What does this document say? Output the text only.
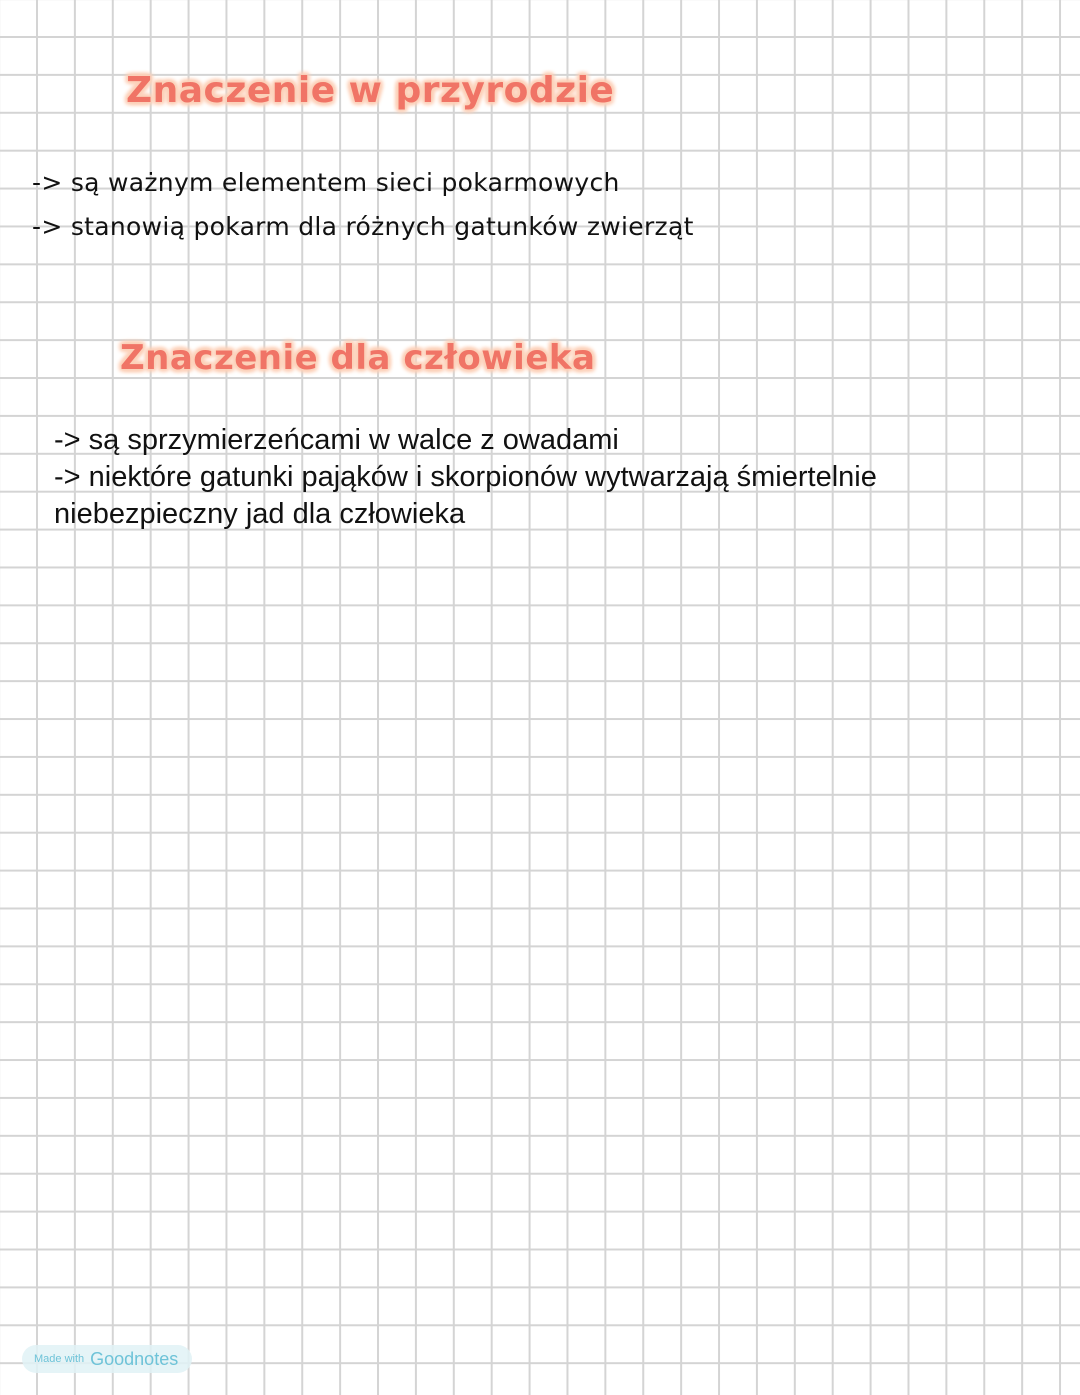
Znaczenie w przyrodzie
-> są ważnym elementem sieci pokarmowych
-> stanowią pokarm dla różnych gatunków zwierząt
Znaczenie dla człowieka
-> są sprzymierzeńcami w walce z owadami
-> niektóre gatunki pająków i skorpionów wytwarzają śmiertelnie
niebezpieczny jad dla człowieka
Made with Goodnotes
